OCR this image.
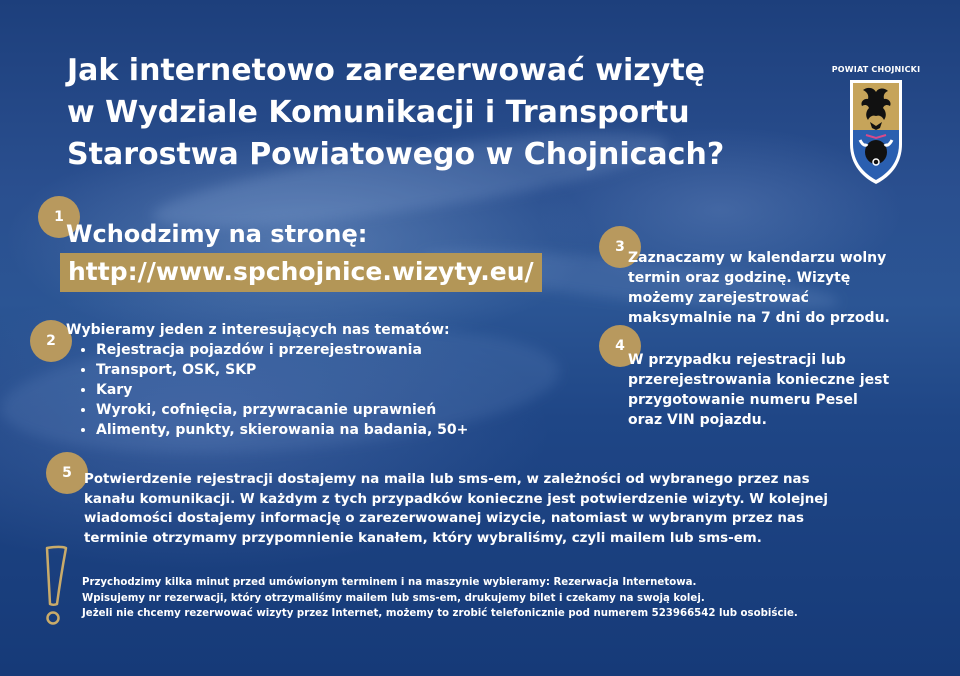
Jak internetowo zarezerwować wizytę
w Wydziale Komunikacji i Transportu
Starostwa Powiatowego w Chojnicach?
POWIAT CHOJNICKI
1
Wchodzimy na stronę:
http://www.spchojnice.wizyty.eu/
2
Wybieramy jeden z interesujących nas tematów:
• Rejestracja pojazdów i przerejestrowania
• Transport, OSK, SKP
• Kary
• Wyroki, cofnięcia, przywracanie uprawnień
• Alimenty, punkty, skierowania na badania, 50+
3
Zaznaczamy w kalendarzu wolny
termin oraz godzinę. Wizytę
możemy zarejestrować
maksymalnie na 7 dni do przodu.
4
W przypadku rejestracji lub
przerejestrowania konieczne jest
przygotowanie numeru Pesel
oraz VIN pojazdu.
5 Potwierdzenie rejestracji dostajemy na maila lub sms-em, w zależności od wybranego przez nas
kanału komunikacji. W każdym z tych przypadków konieczne jest potwierdzenie wizyty. W kolejnej
wiadomości dostajemy informację o zarezerwowanej wizycie, natomiast w wybranym przez nas
terminie otrzymamy przypomnienie kanałem, który wybraliśmy, czyli mailem lub sms-em.
Przychodzimy kilka minut przed umówionym terminem i na maszynie wybieramy: Rezerwacja Internetowa.
Wpisujemy nr rezerwacji, który otrzymaliśmy mailem lub sms-em, drukujemy bilet i czekamy na swoją kolej.
Jeżeli nie chcemy rezerwować wizyty przez Internet, możemy to zrobić telefonicznie pod numerem 523966542 lub osobiście.
